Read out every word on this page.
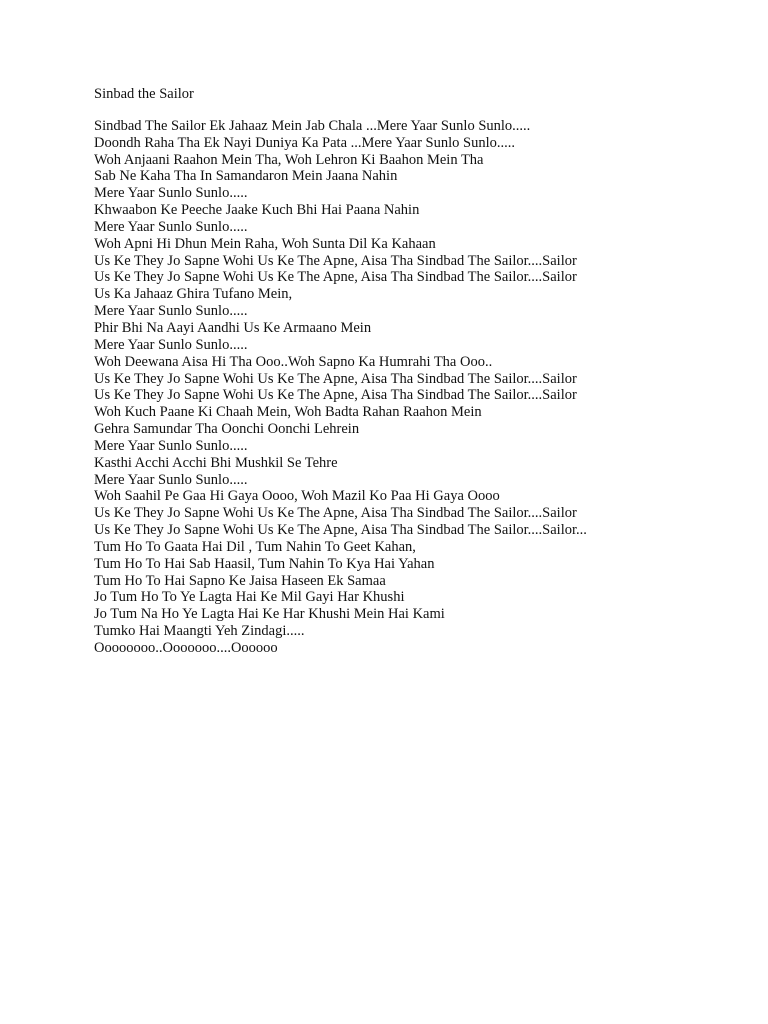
Sinbad the Sailor
Sindbad The Sailor Ek Jahaaz Mein Jab Chala ...Mere Yaar Sunlo Sunlo.....
Doondh Raha Tha Ek Nayi Duniya Ka Pata ...Mere Yaar Sunlo Sunlo.....
Woh Anjaani Raahon Mein Tha, Woh Lehron Ki Baahon Mein Tha
Sab Ne Kaha Tha In Samandaron Mein Jaana Nahin
Mere Yaar Sunlo Sunlo.....
Khwaabon Ke Peeche Jaake Kuch Bhi Hai Paana Nahin
Mere Yaar Sunlo Sunlo.....
Woh Apni Hi Dhun Mein Raha, Woh Sunta Dil Ka Kahaan
Us Ke They Jo Sapne Wohi Us Ke The Apne, Aisa Tha Sindbad The Sailor....Sailor
Us Ke They Jo Sapne Wohi Us Ke The Apne, Aisa Tha Sindbad The Sailor....Sailor
Us Ka Jahaaz Ghira Tufano Mein,
Mere Yaar Sunlo Sunlo.....
Phir Bhi Na Aayi Aandhi Us Ke Armaano Mein
Mere Yaar Sunlo Sunlo.....
Woh Deewana Aisa Hi Tha Ooo..Woh Sapno Ka Humrahi Tha Ooo..
Us Ke They Jo Sapne Wohi Us Ke The Apne, Aisa Tha Sindbad The Sailor....Sailor
Us Ke They Jo Sapne Wohi Us Ke The Apne, Aisa Tha Sindbad The Sailor....Sailor
Woh Kuch Paane Ki Chaah Mein, Woh Badta Rahan Raahon Mein
Gehra Samundar Tha Oonchi Oonchi Lehrein
Mere Yaar Sunlo Sunlo.....
Kasthi Acchi Acchi Bhi Mushkil Se Tehre
Mere Yaar Sunlo Sunlo.....
Woh Saahil Pe Gaa Hi Gaya Oooo, Woh Mazil Ko Paa Hi Gaya Oooo
Us Ke They Jo Sapne Wohi Us Ke The Apne, Aisa Tha Sindbad The Sailor....Sailor
Us Ke They Jo Sapne Wohi Us Ke The Apne, Aisa Tha Sindbad The Sailor....Sailor...
Tum Ho To Gaata Hai Dil , Tum Nahin To Geet Kahan,
Tum Ho To Hai Sab Haasil, Tum Nahin To Kya Hai Yahan
Tum Ho To Hai Sapno Ke Jaisa Haseen Ek Samaa
Jo Tum Ho To Ye Lagta Hai Ke Mil Gayi Har Khushi
Jo Tum Na Ho Ye Lagta Hai Ke Har Khushi Mein Hai Kami
Tumko Hai Maangti Yeh Zindagi.....
Oooooooo..Ooooooo....Oooooo
